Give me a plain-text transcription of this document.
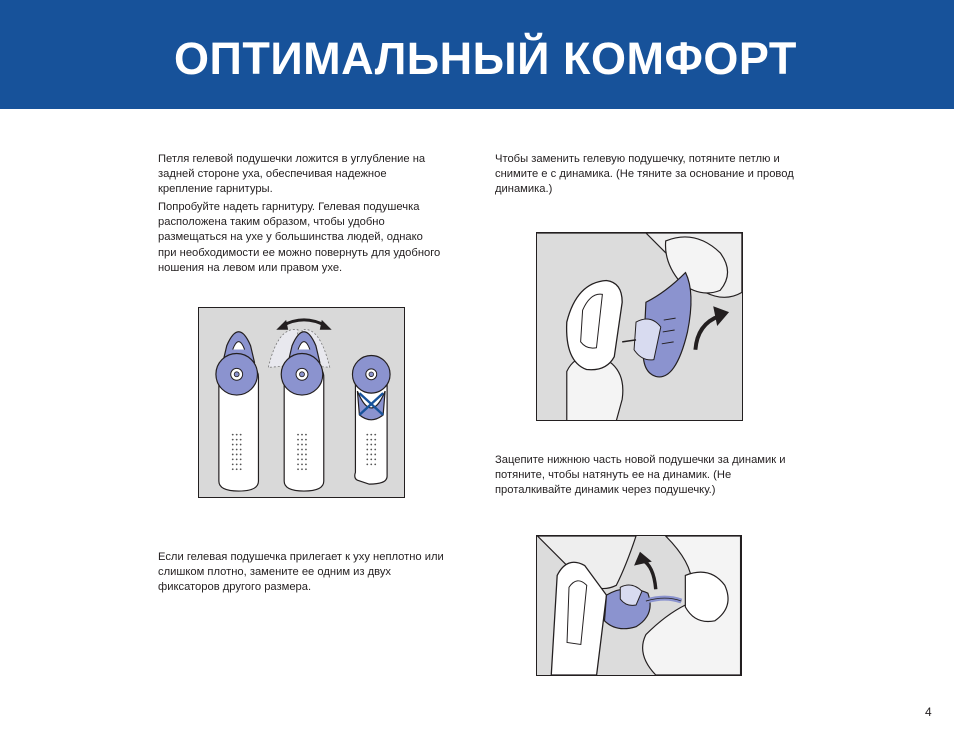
ОПТИМАЛЬНЫЙ КОМФОРТ

Петля гелевой подушечки ложится в углубление на задней стороне уха, обеспечивая надежное крепление гарнитуры.

Попробуйте надеть гарнитуру. Гелевая подушечка расположена таким образом, чтобы удобно размещаться на ухе у большинства людей, однако при необходимости ее можно повернуть для удобного ношения на левом или правом ухе.

Если гелевая подушечка прилегает к уху неплотно или слишком плотно, замените ее одним из двух фиксаторов другого размера.

Чтобы заменить гелевую подушечку, потяните петлю и снимите е с динамика. (Не тяните за основание и провод динамика.)

Зацепите нижнюю часть новой подушечки за динамик и потяните, чтобы натянуть ее на динамик. (Не проталкивайте динамик через подушечку.)

4
